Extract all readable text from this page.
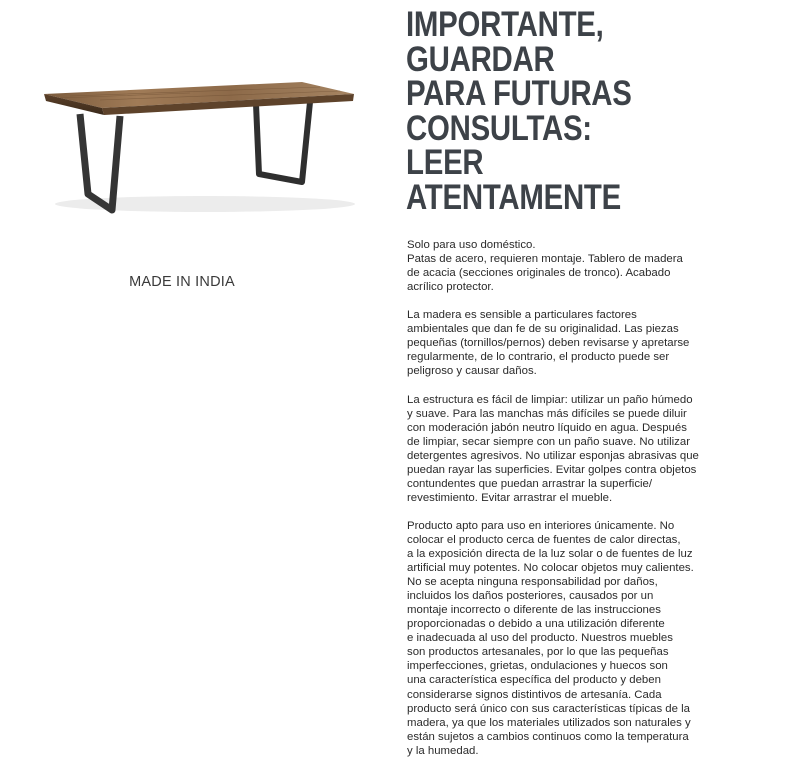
MADE IN INDIA
IMPORTANTE,
GUARDAR
PARA FUTURAS
CONSULTAS:
LEER
ATENTAMENTE
Solo para uso doméstico.
Patas de acero, requieren montaje. Tablero de madera
de acacia (secciones originales de tronco). Acabado
acrílico protector.
La madera es sensible a particulares factores
ambientales que dan fe de su originalidad. Las piezas
pequeñas (tornillos/pernos) deben revisarse y apretarse
regularmente, de lo contrario, el producto puede ser
peligroso y causar daños.
La estructura es fácil de limpiar: utilizar un paño húmedo
y suave. Para las manchas más difíciles se puede diluir
con moderación jabón neutro líquido en agua. Después
de limpiar, secar siempre con un paño suave. No utilizar
detergentes agresivos. No utilizar esponjas abrasivas que
puedan rayar las superficies. Evitar golpes contra objetos
contundentes que puedan arrastrar la superficie/
revestimiento. Evitar arrastrar el mueble.
Producto apto para uso en interiores únicamente. No
colocar el producto cerca de fuentes de calor directas,
a la exposición directa de la luz solar o de fuentes de luz
artificial muy potentes. No colocar objetos muy calientes.
No se acepta ninguna responsabilidad por daños,
incluidos los daños posteriores, causados por un
montaje incorrecto o diferente de las instrucciones
proporcionadas o debido a una utilización diferente
e inadecuada al uso del producto. Nuestros muebles
son productos artesanales, por lo que las pequeñas
imperfecciones, grietas, ondulaciones y huecos son
una característica específica del producto y deben
considerarse signos distintivos de artesanía. Cada
producto será único con sus características típicas de la
madera, ya que los materiales utilizados son naturales y
están sujetos a cambios continuos como la temperatura
y la humedad.
